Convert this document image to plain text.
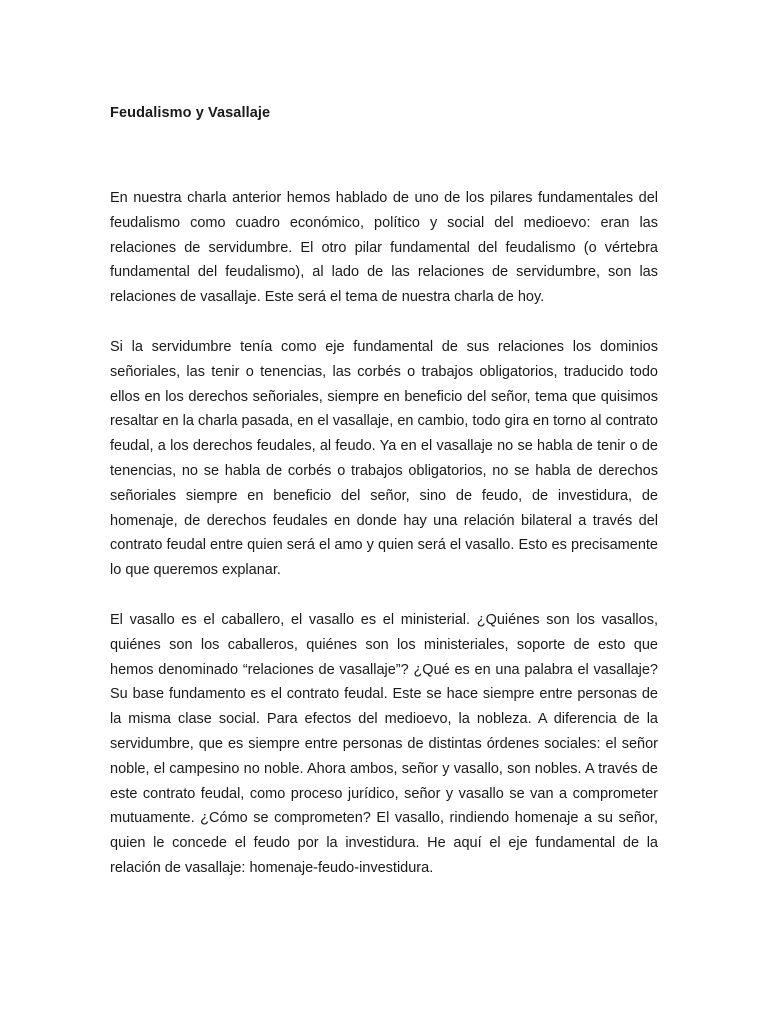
Feudalismo y Vasallaje

En nuestra charla anterior hemos hablado de uno de los pilares fundamentales del feudalismo como cuadro económico, político y social del medioevo: eran las relaciones de servidumbre. El otro pilar fundamental del feudalismo (o vértebra fundamental del feudalismo), al lado de las relaciones de servidumbre, son las relaciones de vasallaje. Este será el tema de nuestra charla de hoy.

Si la servidumbre tenía como eje fundamental de sus relaciones los dominios señoriales, las tenir o tenencias, las corbés o trabajos obligatorios, traducido todo ellos en los derechos señoriales, siempre en beneficio del señor, tema que quisimos resaltar en la charla pasada, en el vasallaje, en cambio, todo gira en torno al contrato feudal, a los derechos feudales, al feudo. Ya en el vasallaje no se habla de tenir o de tenencias, no se habla de corbés o trabajos obligatorios, no se habla de derechos señoriales siempre en beneficio del señor, sino de feudo, de investidura, de homenaje, de derechos feudales en donde hay una relación bilateral a través del contrato feudal entre quien será el amo y quien será el vasallo. Esto es precisamente lo que queremos explanar.

El vasallo es el caballero, el vasallo es el ministerial. ¿Quiénes son los vasallos, quiénes son los caballeros, quiénes son los ministeriales, soporte de esto que hemos denominado “relaciones de vasallaje”? ¿Qué es en una palabra el vasallaje? Su base fundamento es el contrato feudal. Este se hace siempre entre personas de la misma clase social. Para efectos del medioevo, la nobleza. A diferencia de la servidumbre, que es siempre entre personas de distintas órdenes sociales: el señor noble, el campesino no noble. Ahora ambos, señor y vasallo, son nobles. A través de este contrato feudal, como proceso jurídico, señor y vasallo se van a comprometer mutuamente. ¿Cómo se comprometen? El vasallo, rindiendo homenaje a su señor, quien le concede el feudo por la investidura. He aquí el eje fundamental de la relación de vasallaje: homenaje-feudo-investidura.
